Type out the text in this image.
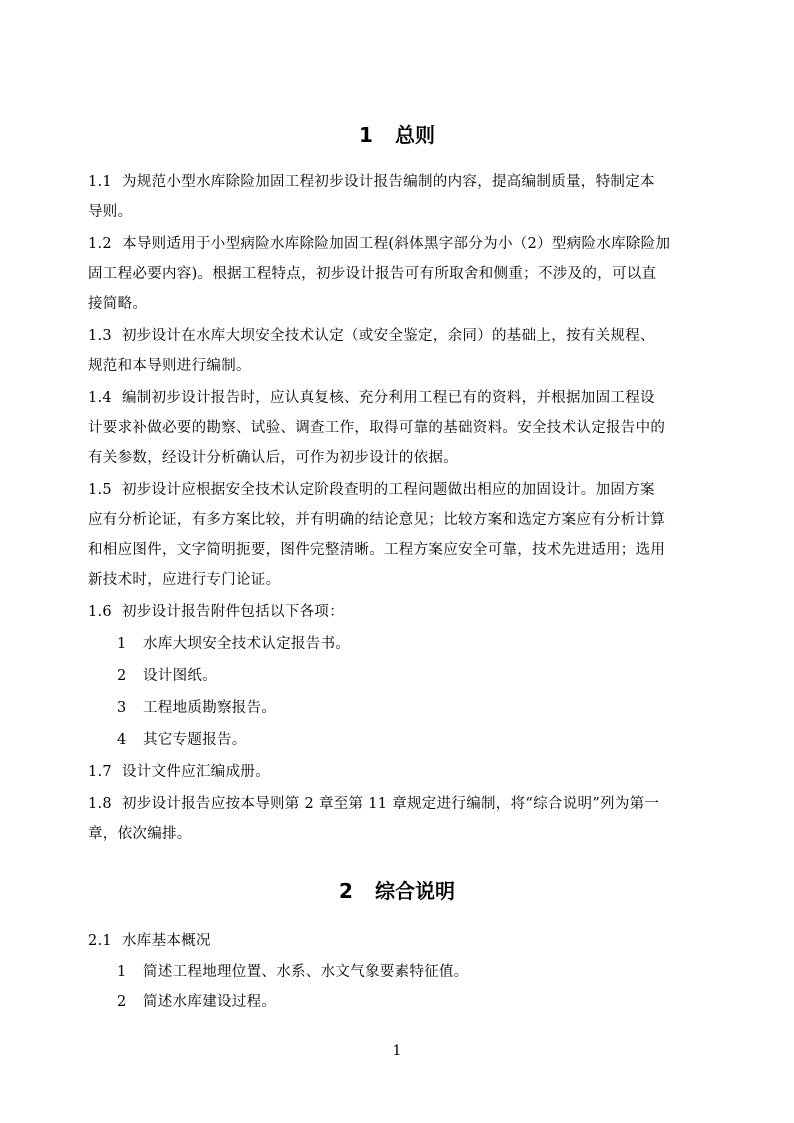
1 总则
1.1 为规范小型水库除险加固工程初步设计报告编制的内容，提高编制质量，特制定本
导则。
1.2 本导则适用于小型病险水库除险加固工程(斜体黑字部分为小（2）型病险水库除险加
固工程必要内容)。根据工程特点，初步设计报告可有所取舍和侧重；不涉及的，可以直
接简略。
1.3 初步设计在水库大坝安全技术认定（或安全鉴定，余同）的基础上，按有关规程、
规范和本导则进行编制。
1.4 编制初步设计报告时，应认真复核、充分利用工程已有的资料，并根据加固工程设
计要求补做必要的勘察、试验、调查工作，取得可靠的基础资料。安全技术认定报告中的
有关参数，经设计分析确认后，可作为初步设计的依据。
1.5 初步设计应根据安全技术认定阶段查明的工程问题做出相应的加固设计。加固方案
应有分析论证，有多方案比较，并有明确的结论意见；比较方案和选定方案应有分析计算
和相应图件，文字简明扼要，图件完整清晰。工程方案应安全可靠，技术先进适用；选用
新技术时，应进行专门论证。
1.6 初步设计报告附件包括以下各项：
1 水库大坝安全技术认定报告书。
2 设计图纸。
3 工程地质勘察报告。
4 其它专题报告。
1.7 设计文件应汇编成册。
1.8 初步设计报告应按本导则第 2 章至第 11 章规定进行编制，将“综合说明”列为第一
章，依次编排。
2 综合说明
2.1 水库基本概况
1 简述工程地理位置、水系、水文气象要素特征值。
2 简述水库建设过程。
1
